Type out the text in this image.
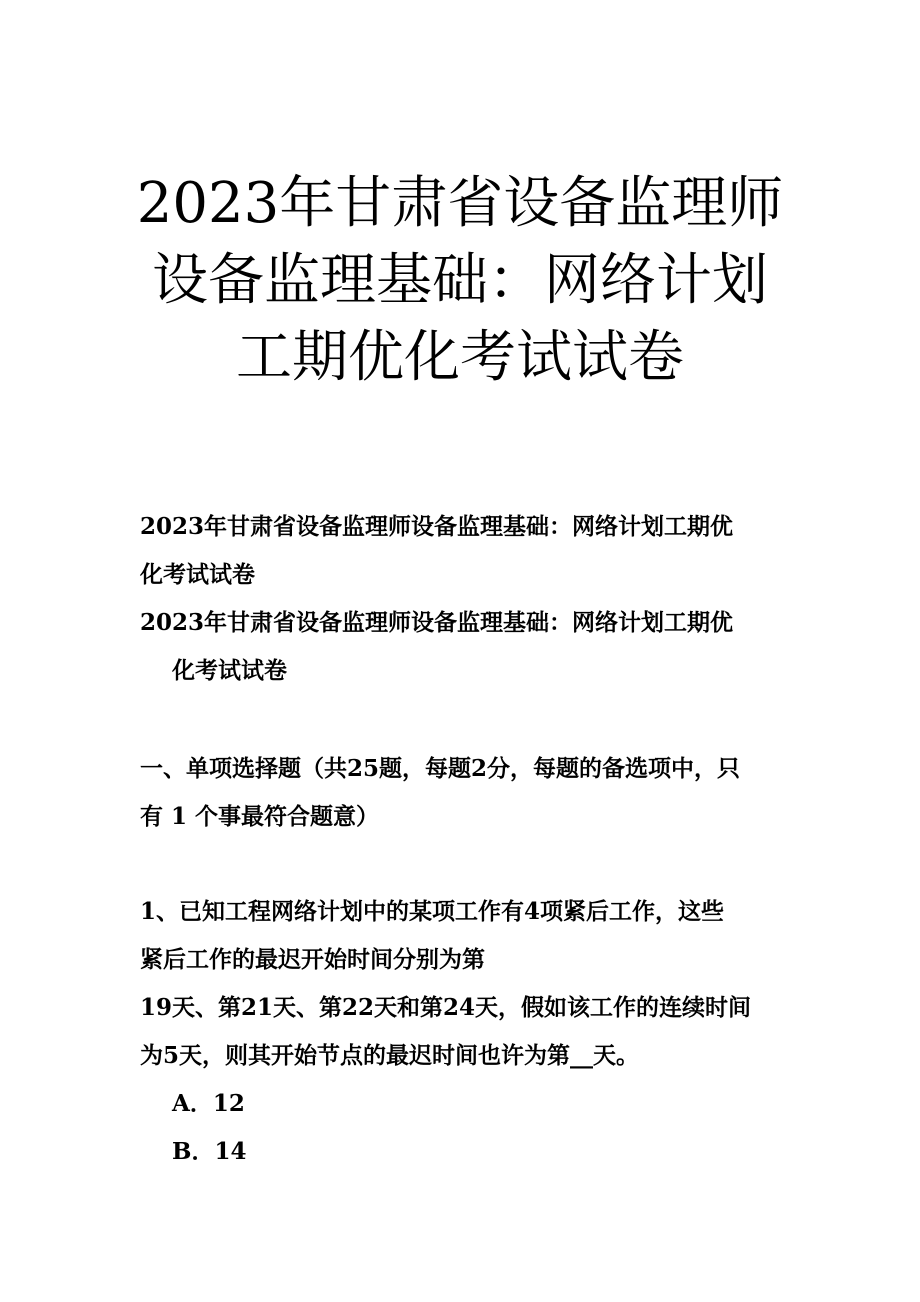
2023年甘肃省设备监理师
设备监理基础：网络计划
工期优化考试试卷
2023年甘肃省设备监理师设备监理基础：网络计划工期优
化考试试卷
2023年甘肃省设备监理师设备监理基础：网络计划工期优
化考试试卷
一、单项选择题（共25题，每题2分，每题的备选项中，只
有 1 个事最符合题意）
1、已知工程网络计划中的某项工作有4项紧后工作，这些
紧后工作的最迟开始时间分别为第
19天、第21天、第22天和第24天，假如该工作的连续时间
为5天，则其开始节点的最迟时间也许为第__天。
A．12
B．14
